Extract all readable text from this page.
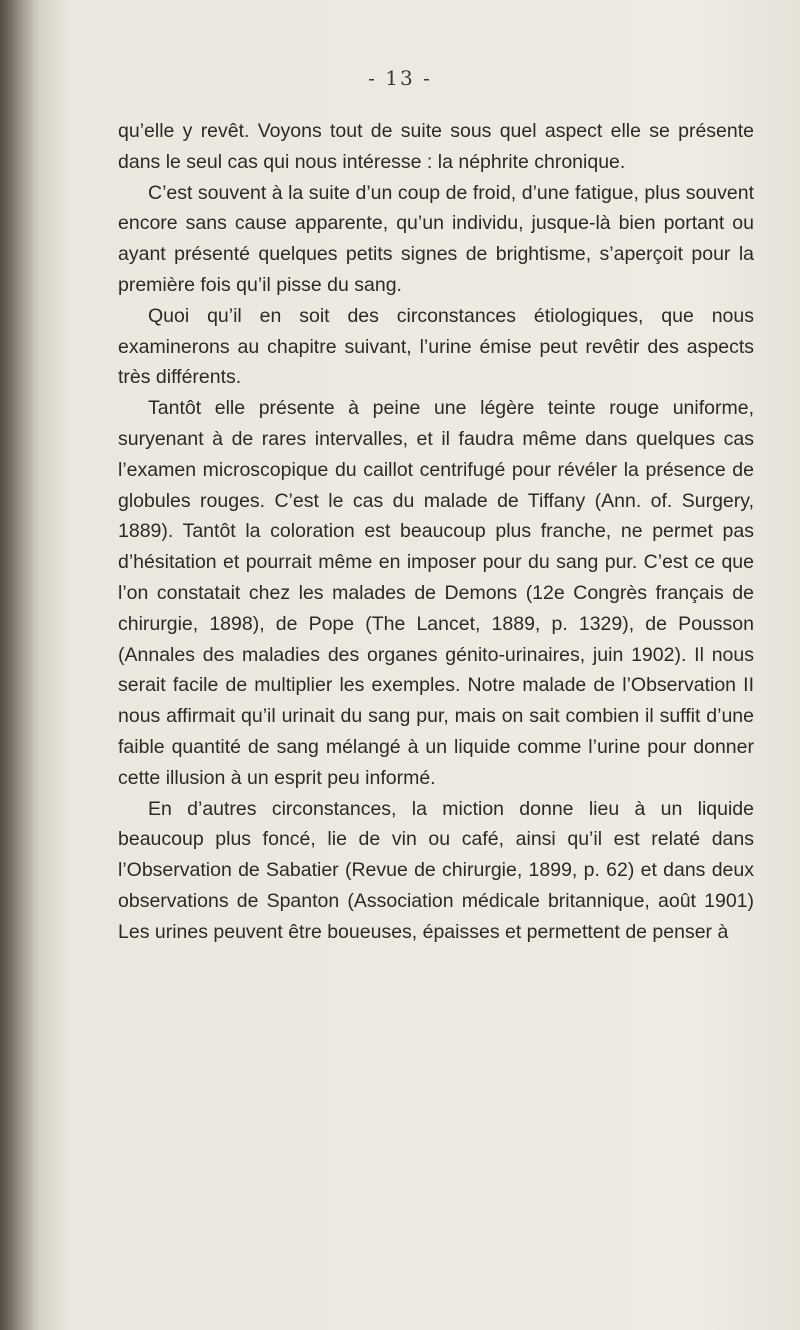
- 13 -

qu’elle y revêt. Voyons tout de suite sous quel aspect elle se présente dans le seul cas qui nous intéresse : la néphrite chronique.

C’est souvent à la suite d’un coup de froid, d’une fatigue, plus souvent encore sans cause apparente, qu’un individu, jusque-là bien portant ou ayant présenté quelques petits signes de brightisme, s’aperçoit pour la première fois qu’il pisse du sang.

Quoi qu’il en soit des circonstances étiologiques, que nous examinerons au chapitre suivant, l’urine émise peut revêtir des aspects très différents.

Tantôt elle présente à peine une légère teinte rouge uniforme, suryenant à de rares intervalles, et il faudra même dans quelques cas l’examen microscopique du caillot centrifugé pour révéler la présence de globules rouges. C’est le cas du malade de Tiffany (Ann. of. Surgery, 1889). Tantôt la coloration est beaucoup plus franche, ne permet pas d’hésitation et pourrait même en imposer pour du sang pur. C’est ce que l’on constatait chez les malades de Demons (12e Congrès français de chirurgie, 1898), de Pope (The Lancet, 1889, p. 1329), de Pousson (Annales des maladies des organes génito-urinaires, juin 1902). Il nous serait facile de multiplier les exemples. Notre malade de l’Observation II nous affirmait qu’il urinait du sang pur, mais on sait combien il suffit d’une faible quantité de sang mélangé à un liquide comme l’urine pour donner cette illusion à un esprit peu informé.

En d’autres circonstances, la miction donne lieu à un liquide beaucoup plus foncé, lie de vin ou café, ainsi qu’il est relaté dans l’Observation de Sabatier (Revue de chirurgie, 1899, p. 62) et dans deux observations de Spanton (Association médicale britannique, août 1901) Les urines peuvent être boueuses, épaisses et permettent de penser à
